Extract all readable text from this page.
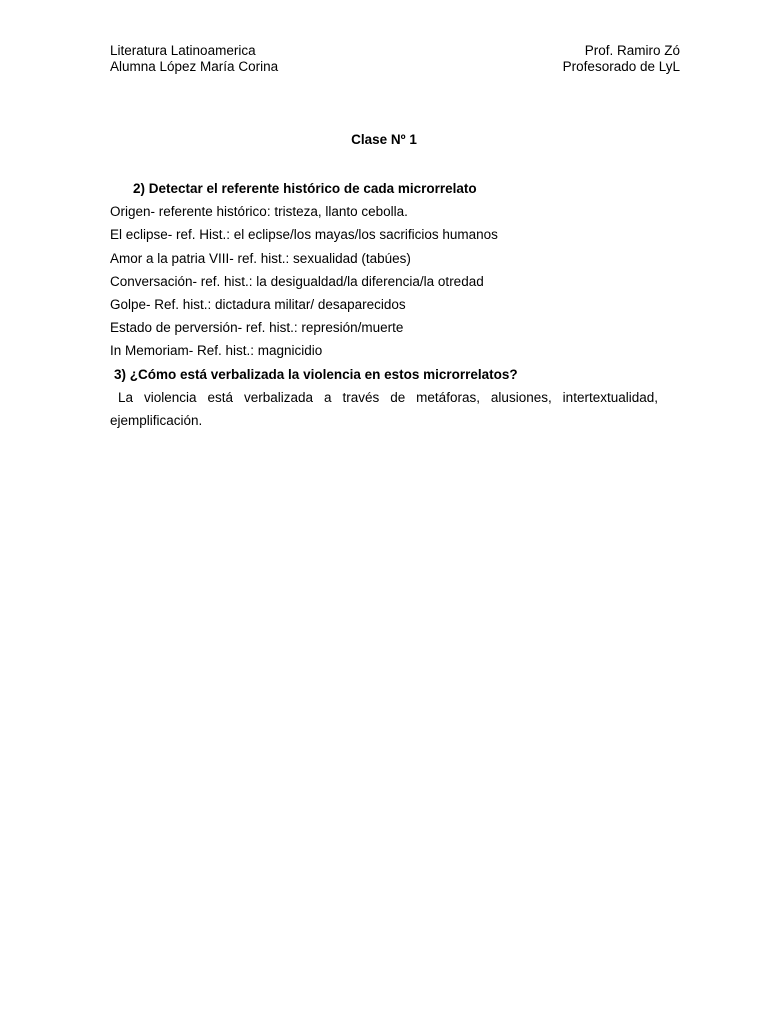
Literatura Latinoamerica	Prof. Ramiro Zó
Alumna López María Corina	Profesorado de LyL
Clase Nº 1
2) Detectar el referente histórico de cada microrrelato
Origen- referente histórico: tristeza, llanto cebolla.
El eclipse- ref. Hist.: el eclipse/los mayas/los sacrificios humanos
Amor a la patria VIII- ref. hist.: sexualidad (tabúes)
Conversación- ref. hist.: la desigualdad/la diferencia/la otredad
Golpe- Ref. hist.: dictadura militar/ desaparecidos
Estado de perversión- ref. hist.: represión/muerte
In Memoriam- Ref. hist.: magnicidio
3) ¿Cómo está verbalizada la violencia en estos microrrelatos?
La violencia está verbalizada a través de metáforas, alusiones, intertextualidad, ejemplificación.
